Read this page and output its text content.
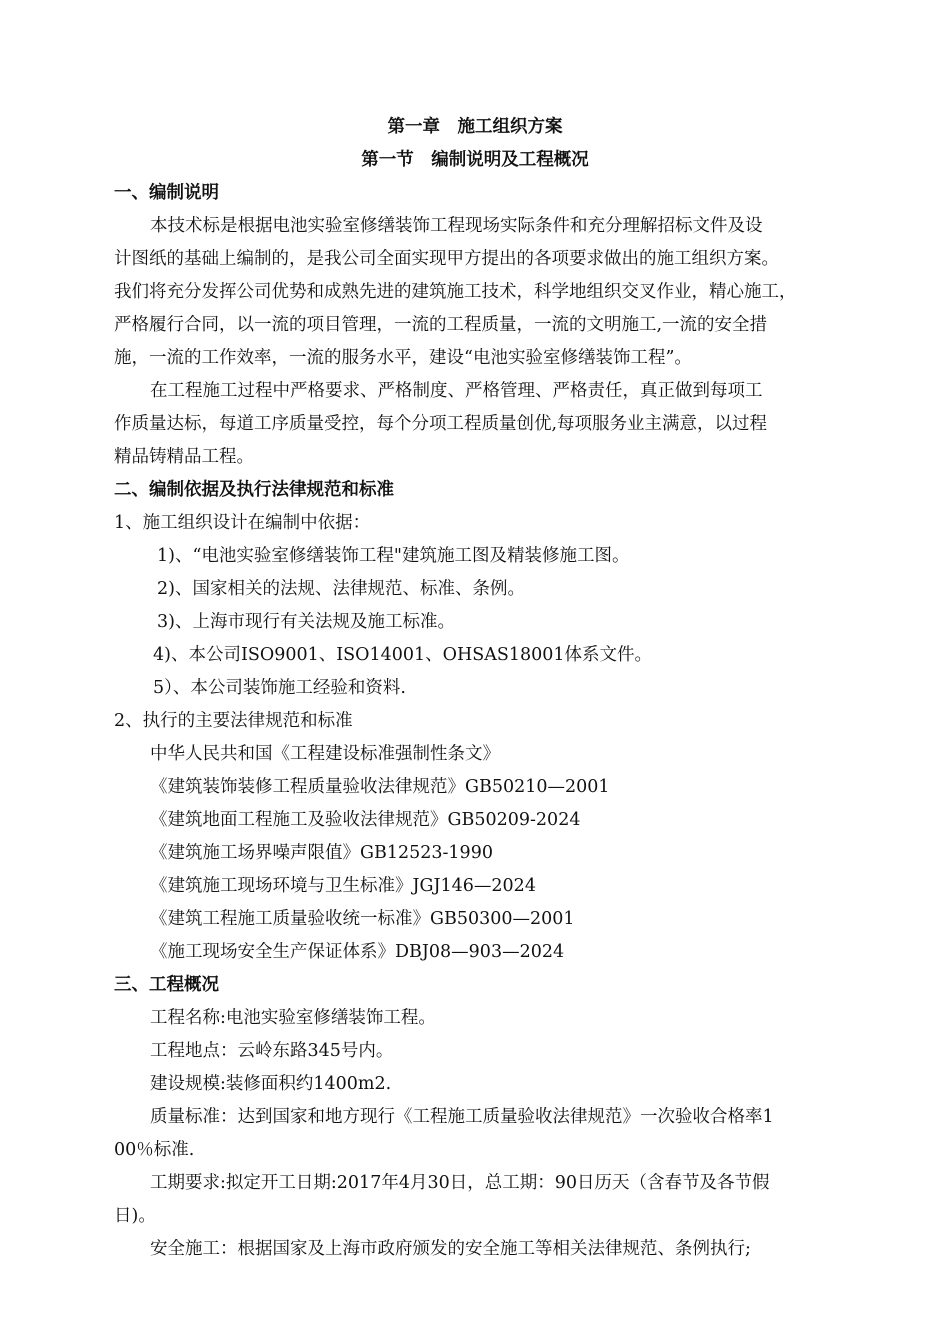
第一章　施工组织方案
第一节　编制说明及工程概况
一、编制说明
本技术标是根据电池实验室修缮装饰工程现场实际条件和充分理解招标文件及设
计图纸的基础上编制的，是我公司全面实现甲方提出的各项要求做出的施工组织方案。
我们将充分发挥公司优势和成熟先进的建筑施工技术，科学地组织交叉作业，精心施工，
严格履行合同，以一流的项目管理，一流的工程质量，一流的文明施工,一流的安全措
施，一流的工作效率，一流的服务水平，建设“电池实验室修缮装饰工程”。
在工程施工过程中严格要求、严格制度、严格管理、严格责任，真正做到每项工
作质量达标，每道工序质量受控，每个分项工程质量创优,每项服务业主满意，以过程
精品铸精品工程。
二、编制依据及执行法律规范和标准
1、施工组织设计在编制中依据：
1)、“电池实验室修缮装饰工程"建筑施工图及精装修施工图。
2)、国家相关的法规、法律规范、标准、条例。
3)、上海市现行有关法规及施工标准。
4)、本公司ISO9001、ISO14001、OHSAS18001体系文件。
5）、本公司装饰施工经验和资料.
2、执行的主要法律规范和标准
中华人民共和国《工程建设标准强制性条文》
《建筑装饰装修工程质量验收法律规范》GB50210—2001
《建筑地面工程施工及验收法律规范》GB50209-2024
《建筑施工场界噪声限值》GB12523-1990
《建筑施工现场环境与卫生标准》JGJ146—2024
《建筑工程施工质量验收统一标准》GB50300—2001
《施工现场安全生产保证体系》DBJ08—903—2024
三、工程概况
工程名称:电池实验室修缮装饰工程。
工程地点：云岭东路345号内。
建设规模:装修面积约1400m2.
质量标准：达到国家和地方现行《工程施工质量验收法律规范》一次验收合格率1
00％标准.
工期要求:拟定开工日期:2017年4月30日，总工期：90日历天（含春节及各节假
日)。
安全施工：根据国家及上海市政府颁发的安全施工等相关法律规范、条例执行;
